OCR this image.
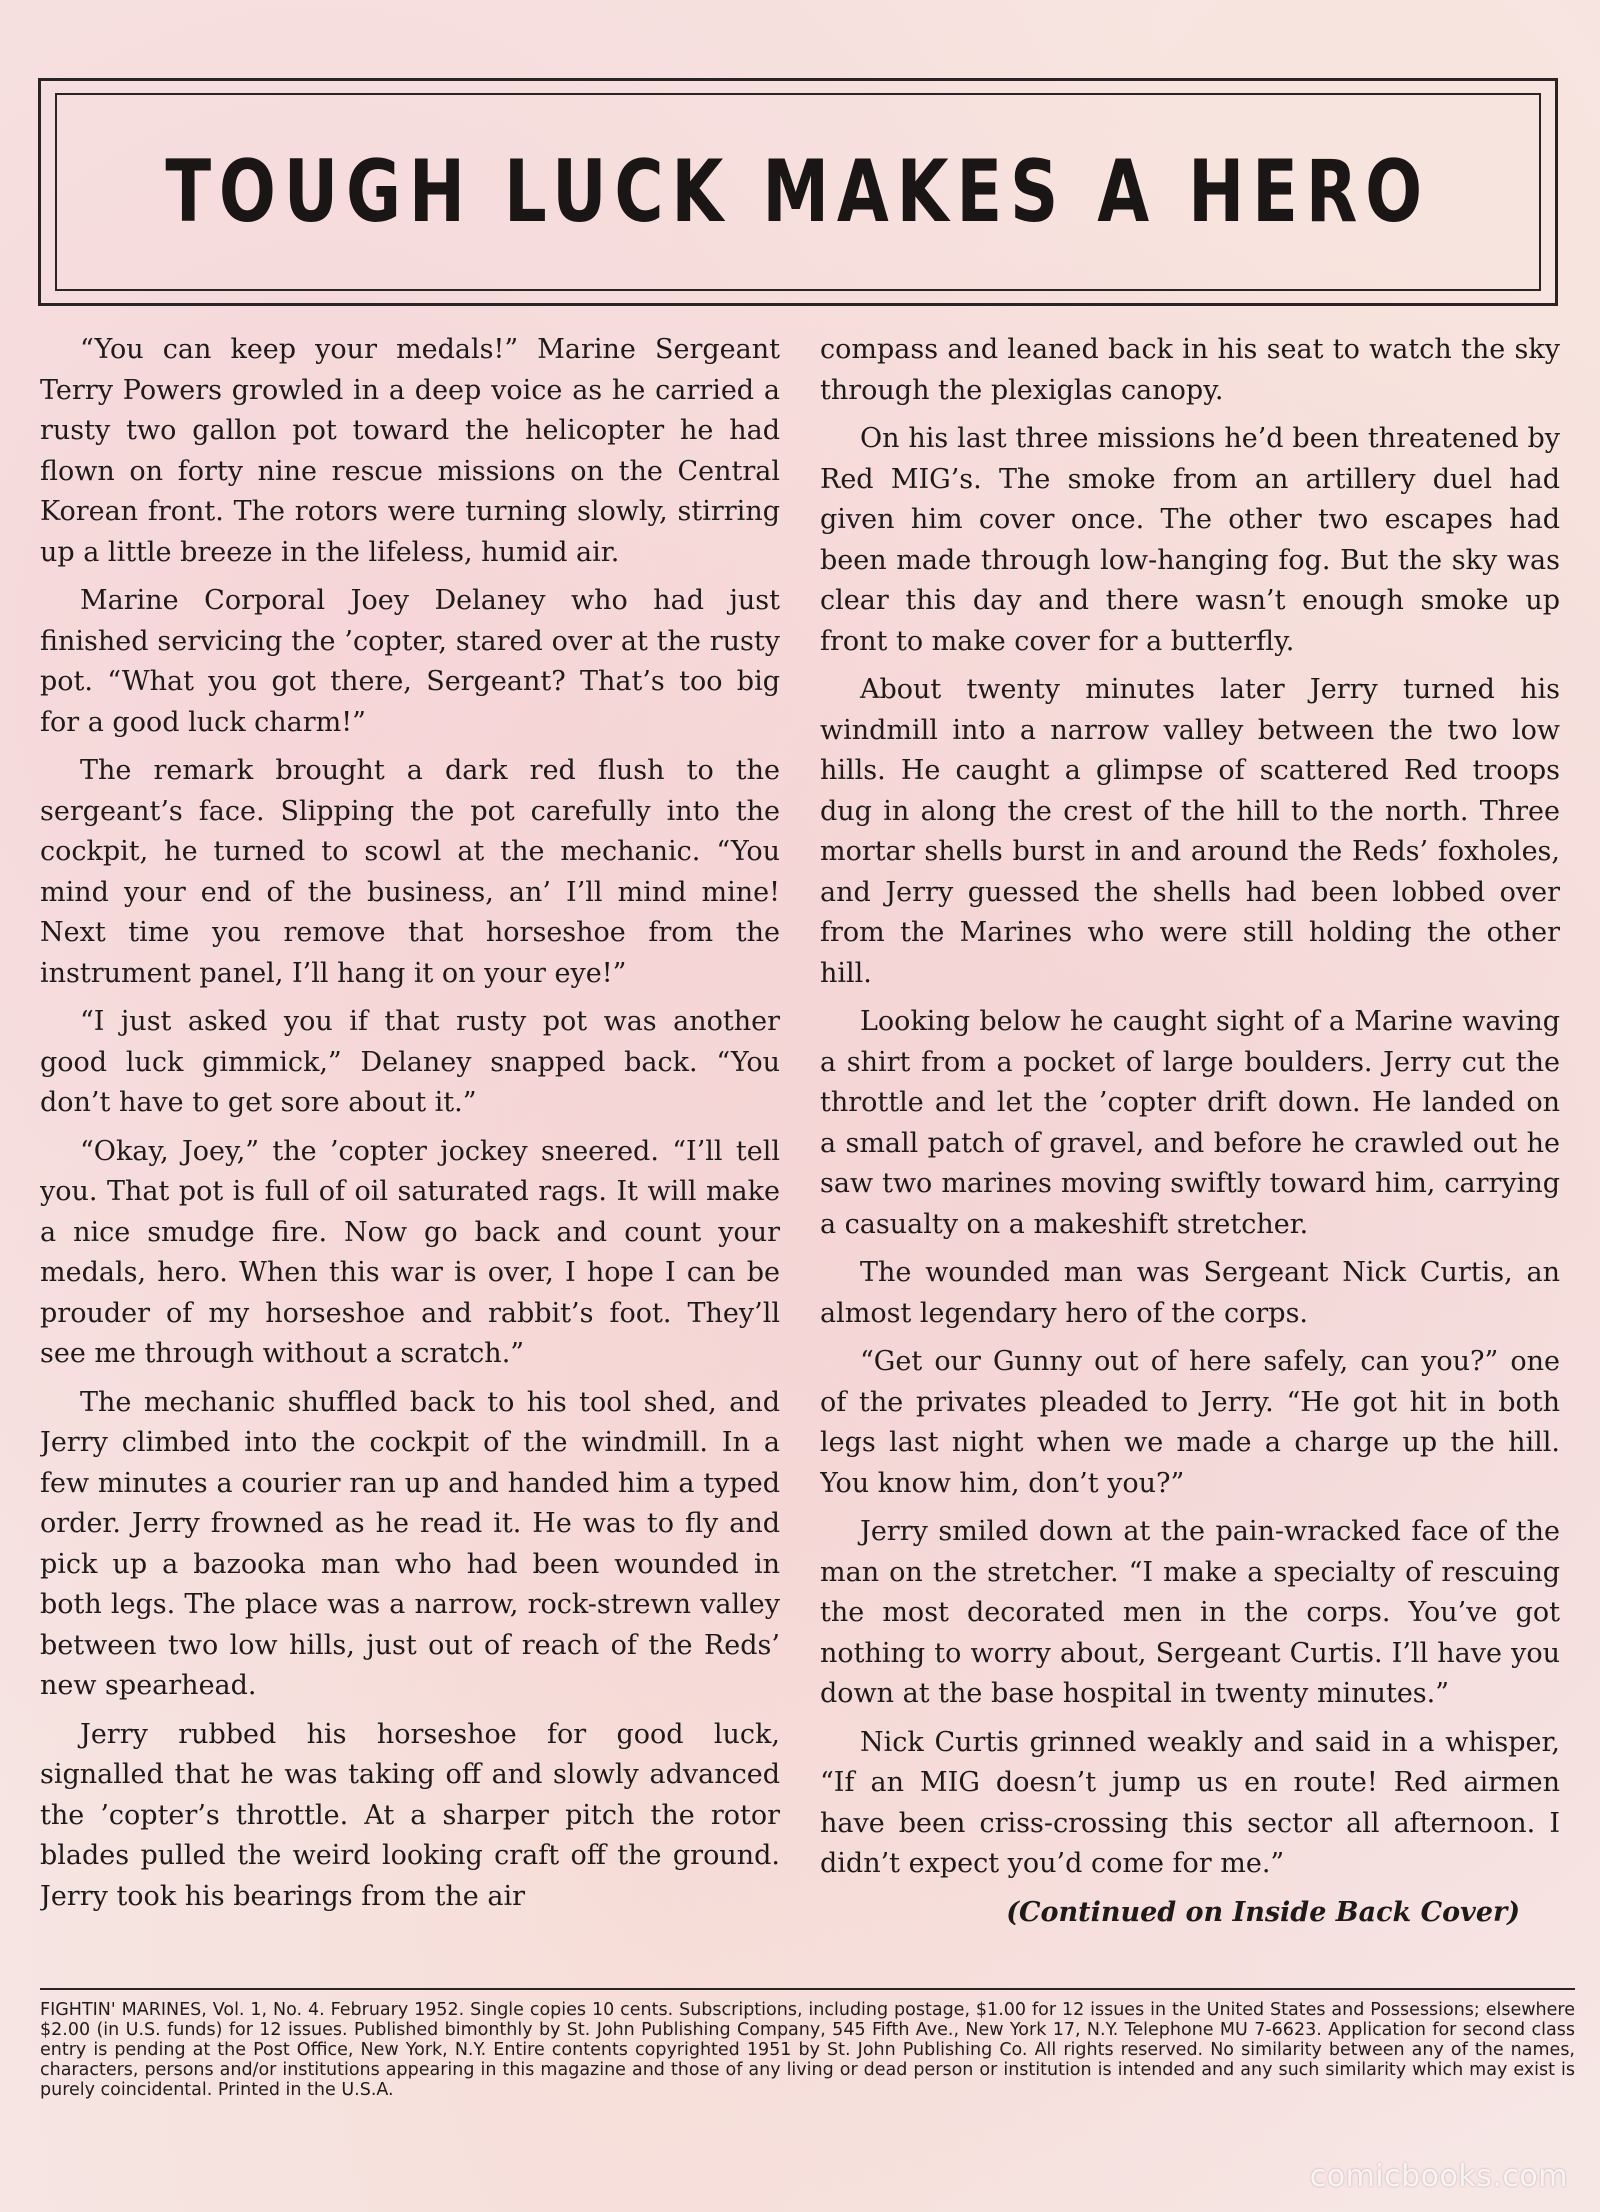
TOUGH LUCK MAKES A HERO

“You can keep your medals!” Marine Sergeant Terry Powers growled in a deep voice as he carried a rusty two gallon pot toward the helicopter he had flown on forty nine rescue missions on the Central Korean front. The rotors were turning slowly, stirring up a little breeze in the lifeless, humid air.

Marine Corporal Joey Delaney who had just finished servicing the ’copter, stared over at the rusty pot. “What you got there, Sergeant? That’s too big for a good luck charm!”

The remark brought a dark red flush to the sergeant’s face. Slipping the pot carefully into the cockpit, he turned to scowl at the mechanic. “You mind your end of the business, an’ I’ll mind mine! Next time you remove that horseshoe from the instrument panel, I’ll hang it on your eye!”

“I just asked you if that rusty pot was another good luck gimmick,” Delaney snapped back. “You don’t have to get sore about it.”

“Okay, Joey,” the ’copter jockey sneered. “I’ll tell you. That pot is full of oil saturated rags. It will make a nice smudge fire. Now go back and count your medals, hero. When this war is over, I hope I can be prouder of my horseshoe and rabbit’s foot. They’ll see me through without a scratch.”

The mechanic shuffled back to his tool shed, and Jerry climbed into the cockpit of the windmill. In a few minutes a courier ran up and handed him a typed order. Jerry frowned as he read it. He was to fly and pick up a bazooka man who had been wounded in both legs. The place was a narrow, rock-strewn valley between two low hills, just out of reach of the Reds’ new spearhead.

Jerry rubbed his horseshoe for good luck, signalled that he was taking off and slowly advanced the ’copter’s throttle. At a sharper pitch the rotor blades pulled the weird looking craft off the ground. Jerry took his bearings from the air

compass and leaned back in his seat to watch the sky through the plexiglas canopy.

On his last three missions he’d been threatened by Red MIG’s. The smoke from an artillery duel had given him cover once. The other two escapes had been made through low-hanging fog. But the sky was clear this day and there wasn’t enough smoke up front to make cover for a butterfly.

About twenty minutes later Jerry turned his windmill into a narrow valley between the two low hills. He caught a glimpse of scattered Red troops dug in along the crest of the hill to the north. Three mortar shells burst in and around the Reds’ foxholes, and Jerry guessed the shells had been lobbed over from the Marines who were still holding the other hill.

Looking below he caught sight of a Marine waving a shirt from a pocket of large boulders. Jerry cut the throttle and let the ’copter drift down. He landed on a small patch of gravel, and before he crawled out he saw two marines moving swiftly toward him, carrying a casualty on a makeshift stretcher.

The wounded man was Sergeant Nick Curtis, an almost legendary hero of the corps.

“Get our Gunny out of here safely, can you?” one of the privates pleaded to Jerry. “He got hit in both legs last night when we made a charge up the hill. You know him, don’t you?”

Jerry smiled down at the pain-wracked face of the man on the stretcher. “I make a specialty of rescuing the most decorated men in the corps. You’ve got nothing to worry about, Sergeant Curtis. I’ll have you down at the base hospital in twenty minutes.”

Nick Curtis grinned weakly and said in a whisper, “If an MIG doesn’t jump us en route! Red airmen have been criss-crossing this sector all afternoon. I didn’t expect you’d come for me.”

(Continued on Inside Back Cover)

FIGHTIN' MARINES, Vol. 1, No. 4. February 1952. Single copies 10 cents. Subscriptions, including postage, $1.00 for 12 issues in the United States and Possessions; elsewhere $2.00 (in U.S. funds) for 12 issues. Published bimonthly by St. John Publishing Company, 545 Fifth Ave., New York 17, N.Y. Telephone MU 7-6623. Application for second class entry is pending at the Post Office, New York, N.Y. Entire contents copyrighted 1951 by St. John Publishing Co. All rights reserved. No similarity between any of the names, characters, persons and/or institutions appearing in this magazine and those of any living or dead person or institution is intended and any such similarity which may exist is purely coincidental. Printed in the U.S.A.

comicbooks.com
